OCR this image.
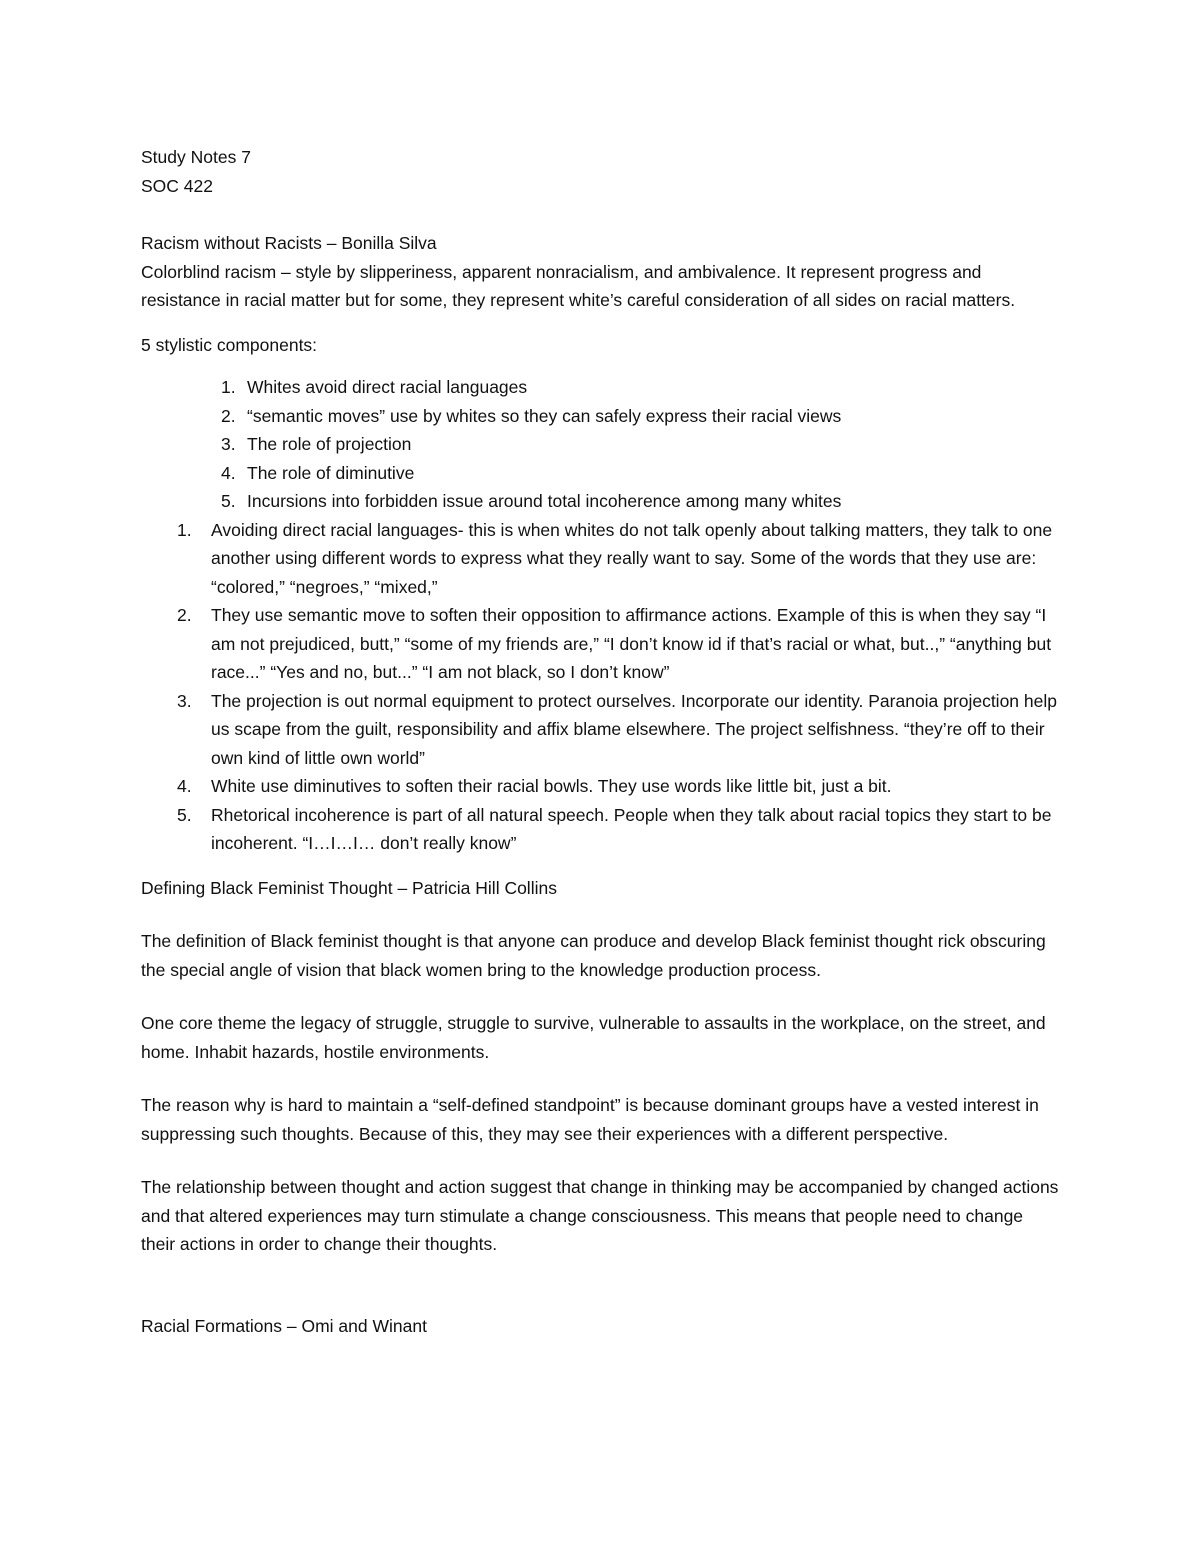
Study Notes 7

SOC 422

Racism without Racists – Bonilla Silva

Colorblind racism – style by slipperiness, apparent nonracialism, and ambivalence. It represent progress and resistance in racial matter but for some, they represent white’s careful consideration of all sides on racial matters.

5 stylistic components:

1. Whites avoid direct racial languages
2. “semantic moves” use by whites so they can safely express their racial views
3. The role of projection
4. The role of diminutive
5. Incursions into forbidden issue around total incoherence among many whites
1. Avoiding direct racial languages- this is when whites do not talk openly about talking matters, they talk to one another using different words to express what they really want to say. Some of the words that they use are: “colored,” “negroes,” “mixed,”
2. They use semantic move to soften their opposition to affirmance actions. Example of this is when they say “I am not prejudiced, butt,” “some of my friends are,” “I don’t know id if that’s racial or what, but..,” “anything but race...” “Yes and no, but...” “I am not black, so I don’t know”
3. The projection is out normal equipment to protect ourselves. Incorporate our identity. Paranoia projection help us scape from the guilt, responsibility and affix blame elsewhere. The project selfishness. “they’re off to their own kind of little own world”
4. White use diminutives to soften their racial bowls. They use words like little bit, just a bit.
5. Rhetorical incoherence is part of all natural speech. People when they talk about racial topics they start to be incoherent. “I…I…I… don’t really know”

Defining Black Feminist Thought – Patricia Hill Collins

The definition of Black feminist thought is that anyone can produce and develop Black feminist thought rick obscuring the special angle of vision that black women bring to the knowledge production process.

One core theme the legacy of struggle, struggle to survive, vulnerable to assaults in the workplace, on the street, and home. Inhabit hazards, hostile environments.

The reason why is hard to maintain a “self-defined standpoint” is because dominant groups have a vested interest in suppressing such thoughts. Because of this, they may see their experiences with a different perspective.

The relationship between thought and action suggest that change in thinking may be accompanied by changed actions and that altered experiences may turn stimulate a change consciousness. This means that people need to change their actions in order to change their thoughts.

Racial Formations – Omi and Winant
